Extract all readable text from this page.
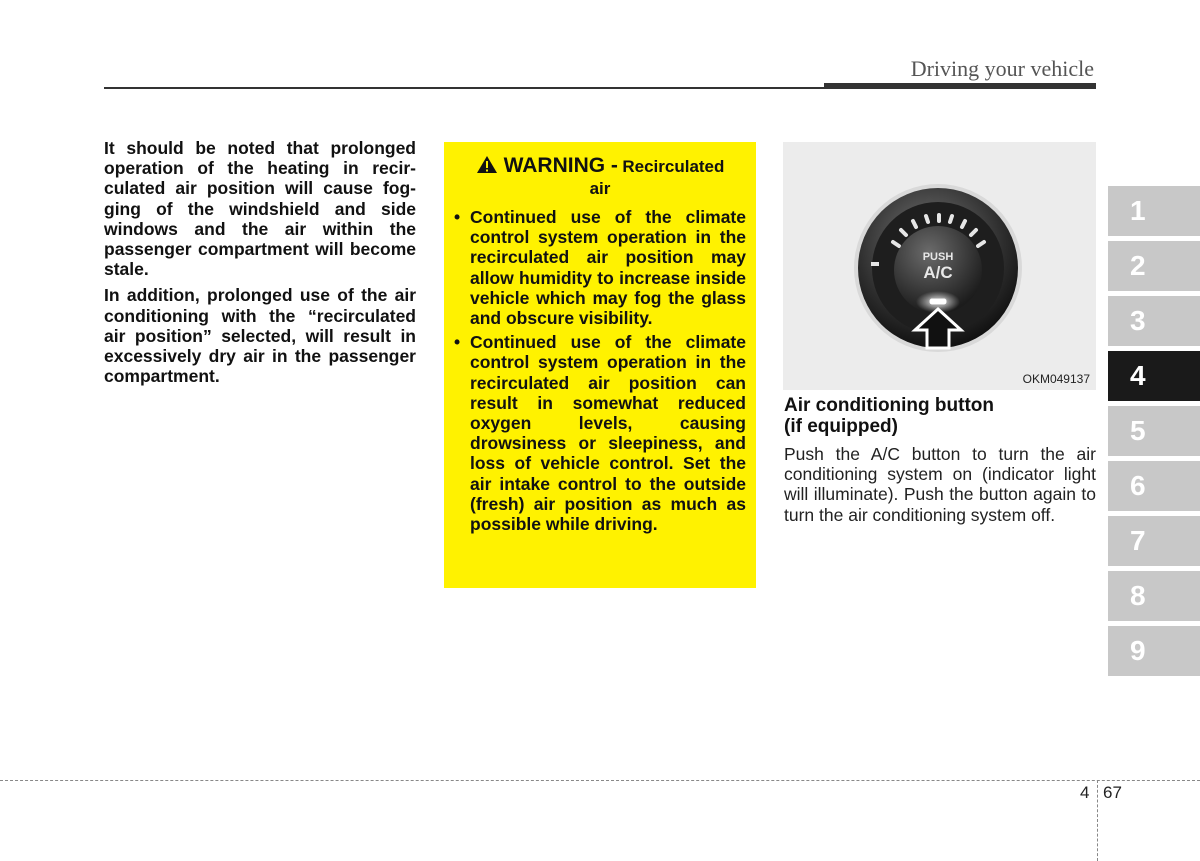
Driving your vehicle

It should be noted that prolonged operation of the heating in recirculated air position will cause fogging of the windshield and side windows and the air within the passenger compartment will become stale.

In addition, prolonged use of the air conditioning with the “recirculated air position” selected, will result in excessively dry air in the passenger compartment.

WARNING - Recirculated
air
• Continued use of the climate control system operation in the recirculated air position may allow humidity to increase inside vehicle which may fog the glass and obscure visibility.
• Continued use of the climate control system operation in the recirculated air position can result in somewhat reduced oxygen levels, causing drowsiness or sleepiness, and loss of vehicle control. Set the air intake control to the outside (fresh) air position as much as possible while driving.
PUSH
A/C
OKM049137
Air conditioning button
(if equipped)
Push the A/C button to turn the air conditioning system on (indicator light will illuminate). Push the button again to turn the air conditioning system off.
1
2
3
4
5
6
7
8
9
4 67
